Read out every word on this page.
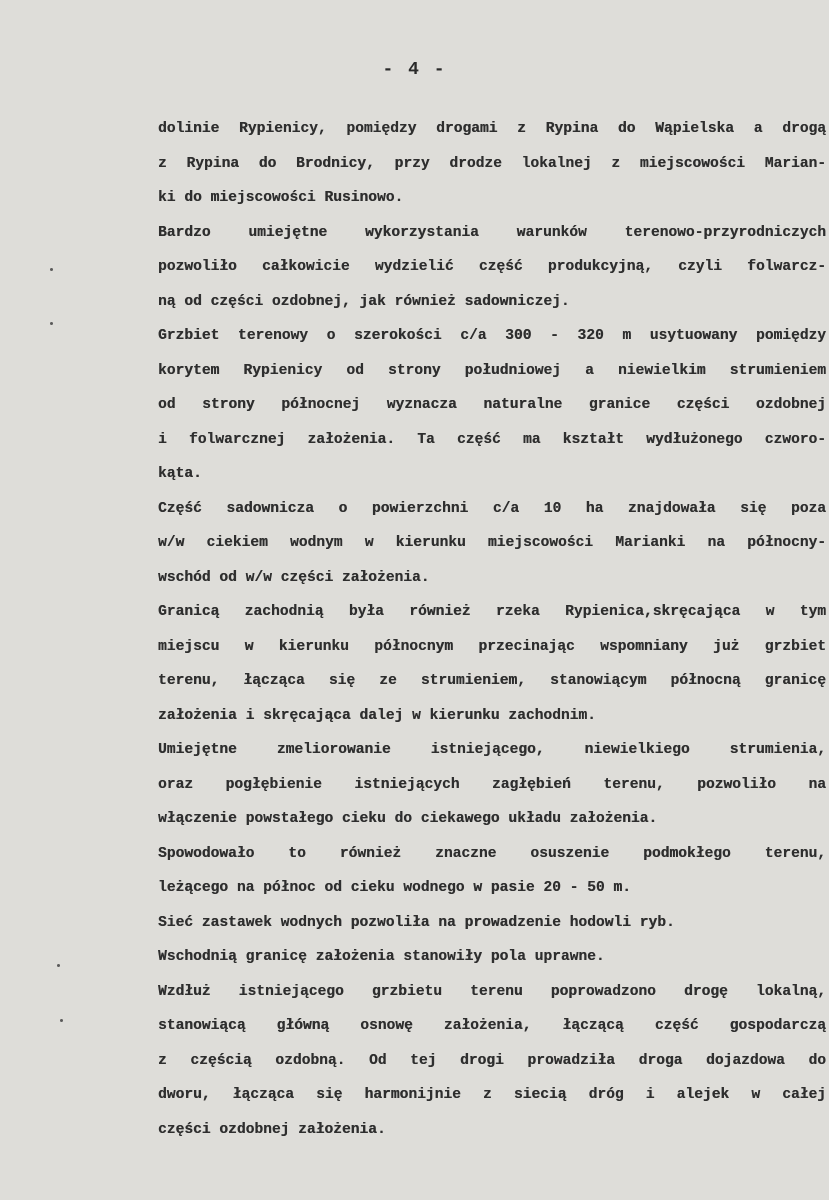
- 4 -
dolinie Rypienicy, pomiędzy drogami z Rypina do Wąpielska a drogą
z Rypina do Brodnicy, przy drodze lokalnej z miejscowości Marian-
ki do miejscowości Rusinowo.
Bardzo umiejętne wykorzystania warunków terenowo-przyrodniczych
pozwoliło całkowicie wydzielić część produkcyjną, czyli folwarcz-
ną od części ozdobnej, jak również sadowniczej.
Grzbiet terenowy o szerokości c/a 300 - 320 m usytuowany pomiędzy
korytem Rypienicy od strony południowej a niewielkim strumieniem
od strony północnej wyznacza naturalne granice części ozdobnej
i folwarcznej założenia. Ta część ma kształt wydłużonego czworo-
kąta.
Część sadownicza o powierzchni c/a 10 ha znajdowała się poza
w/w ciekiem wodnym w kierunku miejscowości Marianki na północny-
wschód od w/w części założenia.
Granicą zachodnią była również rzeka Rypienica,skręcająca w tym
miejscu w kierunku północnym przecinając wspomniany już grzbiet
terenu, łącząca się ze strumieniem, stanowiącym północną granicę
założenia i skręcająca dalej w kierunku zachodnim.
Umiejętne zmeliorowanie istniejącego, niewielkiego strumienia,
oraz pogłębienie istniejących zagłębień terenu, pozwoliło na
włączenie powstałego cieku do ciekawego układu założenia.
Spowodowało to również znaczne osuszenie podmokłego terenu,
leżącego na północ od cieku wodnego w pasie 20 - 50 m.
Sieć zastawek wodnych pozwoliła na prowadzenie hodowli ryb.
Wschodnią granicę założenia stanowiły pola uprawne.
Wzdłuż istniejącego grzbietu terenu poprowadzono drogę lokalną,
stanowiącą główną osnowę założenia, łączącą część gospodarczą
z częścią ozdobną. Od tej drogi prowadziła droga dojazdowa do
dworu, łącząca się harmonijnie z siecią dróg i alejek w całej
części ozdobnej założenia.
